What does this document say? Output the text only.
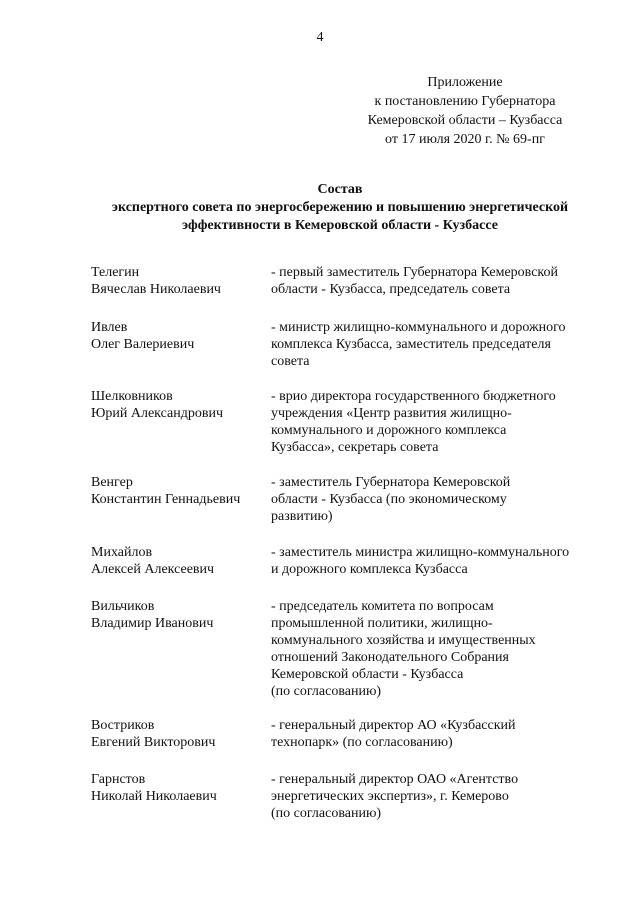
4
Приложение
к постановлению Губернатора
Кемеровской области – Кузбасса
от 17 июля 2020 г. № 69-пг
Состав
экспертного совета по энергосбережению и повышению энергетической
эффективности в Кемеровской области - Кузбассе
Телегин
Вячеслав Николаевич
- первый заместитель Губернатора Кемеровской
области - Кузбасса, председатель совета
Ивлев
Олег Валериевич
- министр жилищно-коммунального и дорожного
комплекса Кузбасса, заместитель председателя
совета
Шелковников
Юрий Александрович
- врио директора государственного бюджетного
учреждения «Центр развития жилищно-
коммунального и дорожного комплекса
Кузбасса», секретарь совета
Венгер
Константин Геннадьевич
- заместитель Губернатора Кемеровской
области - Кузбасса (по экономическому
развитию)
Михайлов
Алексей Алексеевич
- заместитель министра жилищно-коммунального
и дорожного комплекса Кузбасса
Вильчиков
Владимир Иванович
- председатель комитета по вопросам
промышленной политики, жилищно-
коммунального хозяйства и имущественных
отношений Законодательного Собрания
Кемеровской области - Кузбасса
(по согласованию)
Востриков
Евгений Викторович
- генеральный директор АО «Кузбасский
технопарк» (по согласованию)
Гарнстов
Николай Николаевич
- генеральный директор ОАО «Агентство
энергетических экспертиз», г. Кемерово
(по согласованию)
